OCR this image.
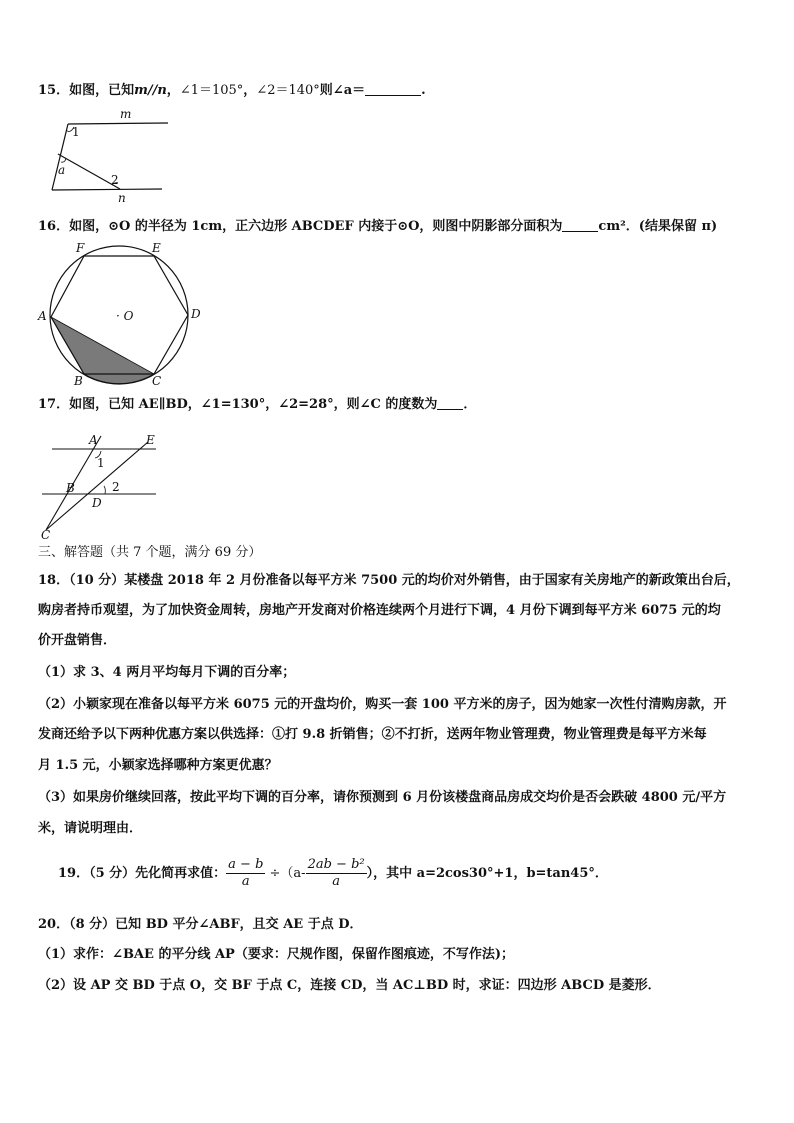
15．如图，已知m//n，∠1＝105°，∠2＝140°则∠a＝	.
m
n
1
a
2
16．如图，⊙O 的半径为 1cm，正六边形 ABCDEF 内接于⊙O，则图中阴影部分面积为	cm²．(结果保留 π)
F	E
A	D
B	C
· O
17．如图，已知 AE∥BD，∠1=130°，∠2=28°，则∠C 的度数为 ．
A	E
1
B	2
D
C
三、解答题（共 7 个题，满分 69 分）
18．（10 分）某楼盘 2018 年 2 月份准备以每平方米 7500 元的均价对外销售，由于国家有关房地产的新政策出台后，
购房者持币观望，为了加快资金周转，房地产开发商对价格连续两个月进行下调，4 月份下调到每平方米 6075 元的均
价开盘销售．
（1）求 3、4 两月平均每月下调的百分率；
（2）小颖家现在准备以每平方米 6075 元的开盘均价，购买一套 100 平方米的房子，因为她家一次性付清购房款，开
发商还给予以下两种优惠方案以供选择：①打 9.8 折销售；②不打折，送两年物业管理费，物业管理费是每平方米每
月 1.5 元，小颖家选择哪种方案更优惠？
（3）如果房价继续回落，按此平均下调的百分率，请你预测到 6 月份该楼盘商品房成交均价是否会跌破 4800 元/平方
米，请说明理由．
19．（5 分）先化简再求值： $\frac{a - b}{a} \div(a- \frac{\text{2ab − b²}}{a}$ ），其中 a=2cos30°+1，b=tan45°．
20．（8 分）已知 BD 平分∠ABF，且交 AE 于点 D．
（1）求作：∠BAE 的平分线 AP（要求：尺规作图，保留作图痕迹，不写作法)；
（2）设 AP 交 BD 于点 O，交 BF 于点 C，连接 CD，当 AC⊥BD 时，求证：四边形 ABCD 是菱形．
